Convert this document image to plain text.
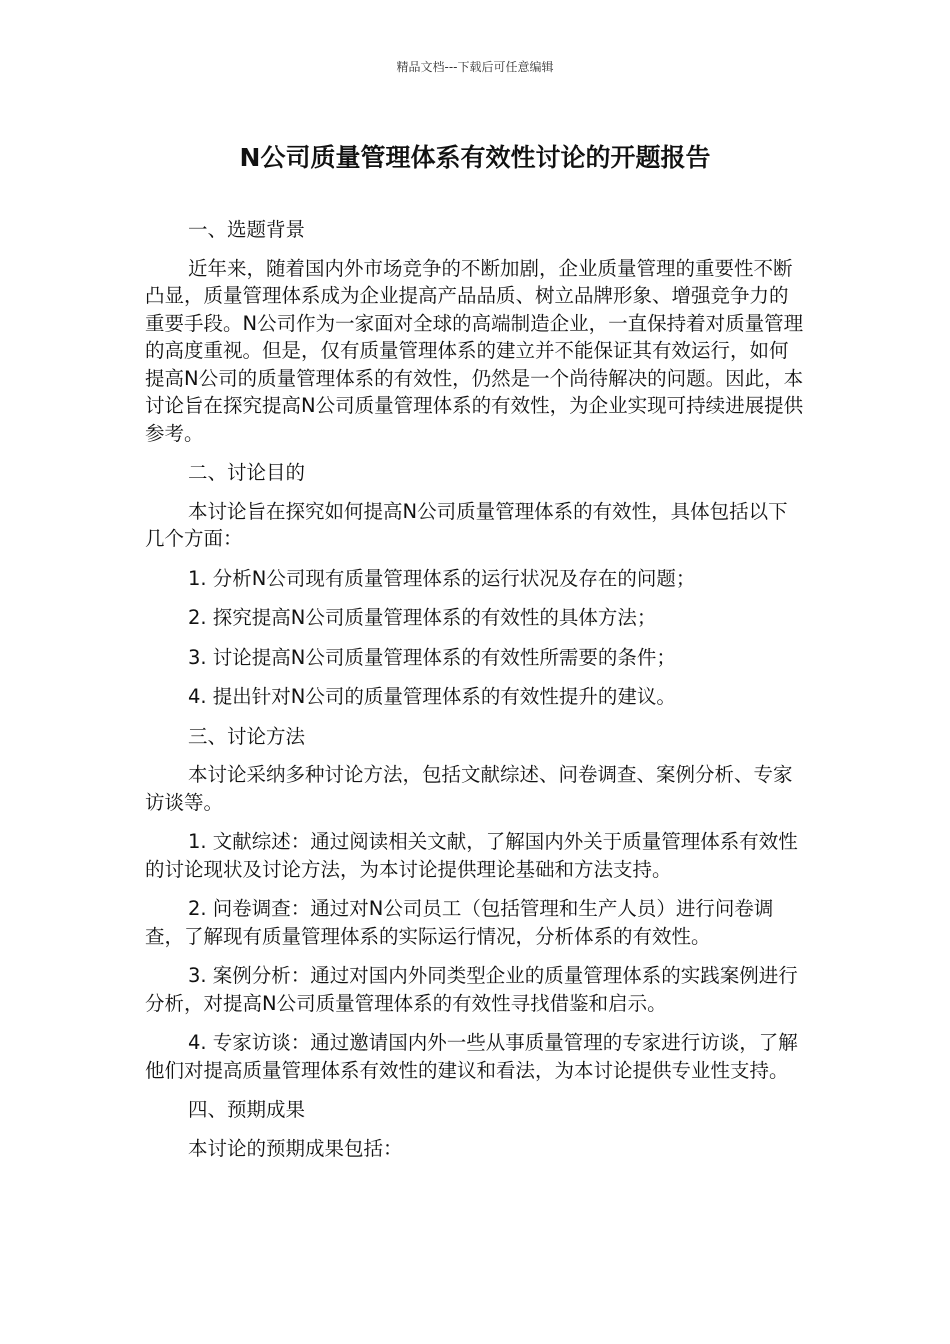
精品文档---下载后可任意编辑
N公司质量管理体系有效性讨论的开题报告

一、选题背景

近年来，随着国内外市场竞争的不断加剧，企业质量管理的重要性不断凸显，质量管理体系成为企业提高产品品质、树立品牌形象、增强竞争力的重要手段。N公司作为一家面对全球的高端制造企业，一直保持着对质量管理的高度重视。但是，仅有质量管理体系的建立并不能保证其有效运行，如何提高N公司的质量管理体系的有效性，仍然是一个尚待解决的问题。因此，本讨论旨在探究提高N公司质量管理体系的有效性，为企业实现可持续进展提供参考。

二、讨论目的

本讨论旨在探究如何提高N公司质量管理体系的有效性，具体包括以下几个方面：

1. 分析N公司现有质量管理体系的运行状况及存在的问题；

2. 探究提高N公司质量管理体系的有效性的具体方法；

3. 讨论提高N公司质量管理体系的有效性所需要的条件；

4. 提出针对N公司的质量管理体系的有效性提升的建议。

三、讨论方法

本讨论采纳多种讨论方法，包括文献综述、问卷调查、案例分析、专家访谈等。

1. 文献综述：通过阅读相关文献，了解国内外关于质量管理体系有效性的讨论现状及讨论方法，为本讨论提供理论基础和方法支持。

2. 问卷调查：通过对N公司员工（包括管理和生产人员）进行问卷调查，了解现有质量管理体系的实际运行情况，分析体系的有效性。

3. 案例分析：通过对国内外同类型企业的质量管理体系的实践案例进行分析，对提高N公司质量管理体系的有效性寻找借鉴和启示。

4. 专家访谈：通过邀请国内外一些从事质量管理的专家进行访谈，了解他们对提高质量管理体系有效性的建议和看法，为本讨论提供专业性支持。

四、预期成果

本讨论的预期成果包括：
